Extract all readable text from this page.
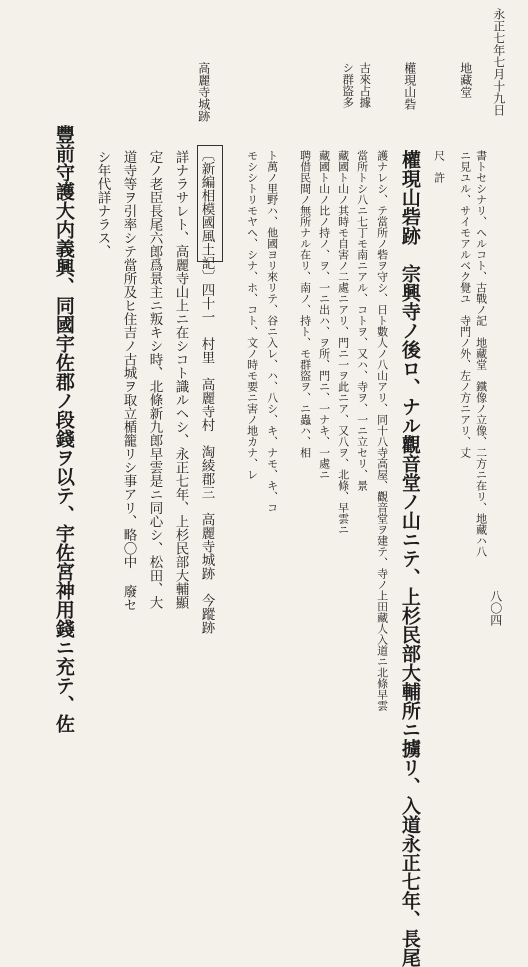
八〇四
永正七年七月十九日
地藏堂
權現山砦
古來占據
シ群盜多
高麗寺城跡
書トセシナリ、ヘルコト、古戰ノ記　地藏堂　鐵像ノ立像、二方ニ在リ、地藏ハ八
ニ見ユル、サイモアルベク覺ユ　寺門ノ外、左ノ方ニアリ、丈
尺　許
權現山砦跡　宗興寺ノ後ロ、ナル觀音堂ノ山ニテ、上杉民部大輔所ニ擄リ、入道永正七年、長尾
護ナレシ、テ當所ノ砦ヲ守シ、日ト數人ノ八山アリ、同十八寺高屋、觀音堂ヲ建テ、寺ノ上田藏人入道ニ北條早雲
當所トシ八ニ七丁モ南ニアル、コトヲ、又ハ、寺ヲ、一ニ立セリ、景
藏國ト山ノ其時モ自害ノ二處ニアリ、門ニ一ヲ此ニア、又八ヲ、北條、早雲ニ
藏國ト山ノ比ノ持ノ、ヲ、一ニ出ハ、ヲ所、門ニ、一ナキ、一處ニ
聘借民間ノ無所ナル在リ、南ノ、持ト、モ群盜ヲ、ニ蟲ハ、相
ト萬ノ里野ハ、他國ヨリ來リテ、谷ニ入レ、ハ、八シ、キ、ナモ、キ、コ
モシシトリモヤヘ、シナ、ホ、コト、文ノ時モ要ニ害ノ地カナ、レ
〔新編相模國風土記〕四十一　村里　高麗寺村　淘綾郡三　高麗寺城跡　今蹤跡
詳ナラサレト、高麗寺山上ニ在シコト識ルヘシ、永正七年、上杉民部大輔顯
定ノ老臣長尾六郎爲景主ニ叛キシ時、北條新九郎早雲是ニ同心シ、松田、大
道寺等ヲ引率シテ當所及ヒ住吉ノ古城ヲ取立楯籠リシ事アリ、略〇中 廢セ
シ年代詳ナラス、
豐前守護大内義興、同國宇佐郡ノ段錢ヲ以テ、宇佐宮神用錢ニ充テ、佐
